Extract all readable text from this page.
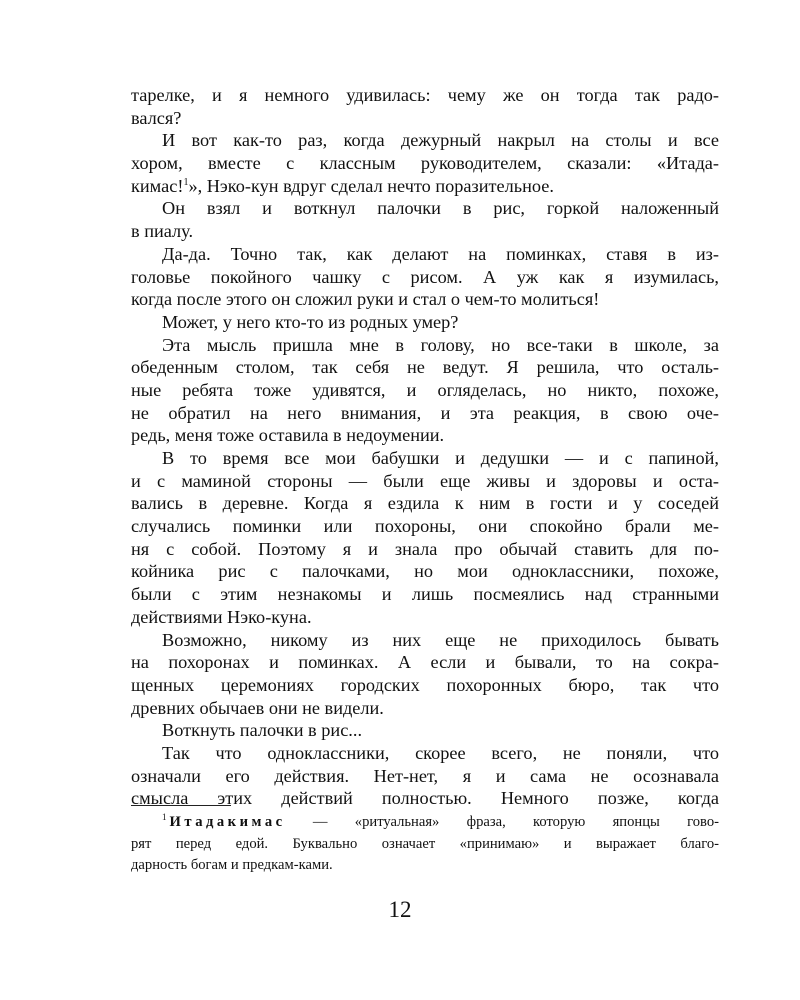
тарелке, и я немного удивилась: чему же он тогда так радо-
вался?
И вот как-то раз, когда дежурный накрыл на столы и все
хором, вместе с классным руководителем, сказали: «Итада-
кимас!$^1$», Нэко-кун вдруг сделал нечто поразительное.
Он взял и воткнул палочки в рис, горкой наложенный
в пиалу.
Да-да. Точно так, как делают на поминках, ставя в из-
головье покойного чашку с рисом. А уж как я изумилась,
когда после этого он сложил руки и стал о чем-то молиться!
Может, у него кто-то из родных умер?
Эта мысль пришла мне в голову, но все-таки в школе, за
обеденным столом, так себя не ведут. Я решила, что осталь-
ные ребята тоже удивятся, и огляделась, но никто, похоже,
не обратил на него внимания, и эта реакция, в свою оче-
редь, меня тоже оставила в недоумении.
В то время все мои бабушки и дедушки — и с папиной,
и с маминой стороны — были еще живы и здоровы и оста-
вались в деревне. Когда я ездила к ним в гости и у соседей
случались поминки или похороны, они спокойно брали ме-
ня с собой. Поэтому я и знала про обычай ставить для по-
койника рис с палочками, но мои одноклассники, похоже,
были с этим незнакомы и лишь посмеялись над странными
действиями Нэко-куна.
Возможно, никому из них еще не приходилось бывать
на похоронах и поминках. А если и бывали, то на сокра-
щенных церемониях городских похоронных бюро, так что
древних обычаев они не видели.
Воткнуть палочки в рис...
Так что одноклассники, скорее всего, не поняли, что
означали его действия. Нет-нет, я и сама не осознавала
смысла этих действий полностью. Немного позже, когда
$^1$ Итадакимас — «ритуальная» фраза, которую японцы гово-
рят перед едой. Буквально означает «принимаю» и выражает благо-
дарность богам и предкам-ками.
12
